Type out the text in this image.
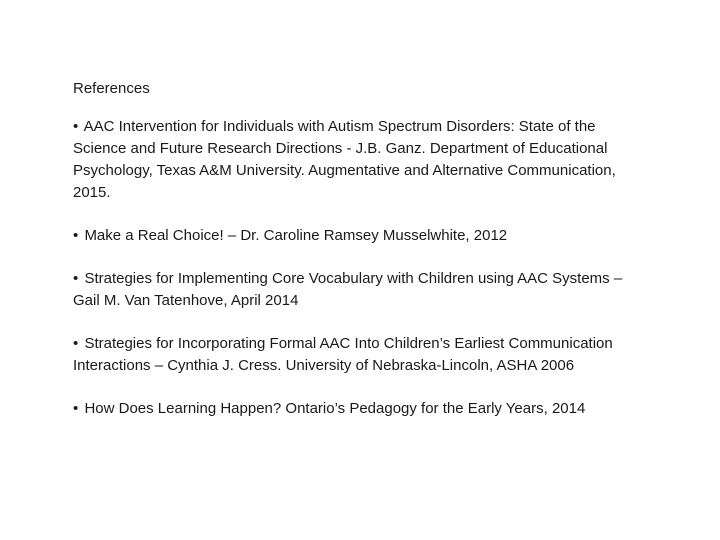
References
• AAC Intervention for Individuals with Autism Spectrum Disorders: State of the Science and Future Research Directions - J.B. Ganz. Department of Educational Psychology, Texas A&M University. Augmentative and Alternative Communication, 2015.
• Make a Real Choice! – Dr. Caroline Ramsey Musselwhite, 2012
• Strategies for Implementing Core Vocabulary with Children using AAC Systems – Gail M. Van Tatenhove, April 2014
• Strategies for Incorporating Formal AAC Into Children’s Earliest Communication Interactions – Cynthia J. Cress. University of Nebraska-Lincoln, ASHA 2006
• How Does Learning Happen? Ontario’s Pedagogy for the Early Years, 2014
